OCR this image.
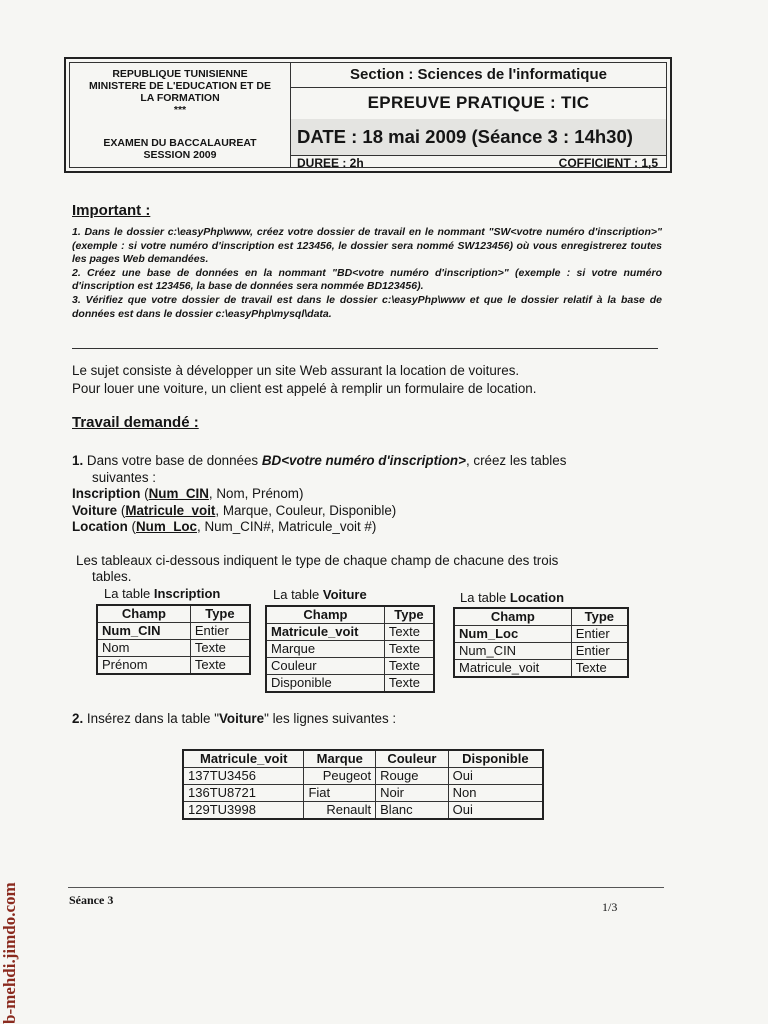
REPUBLIQUE TUNISIENNE
MINISTERE DE L'EDUCATION ET DE
LA FORMATION
***
EXAMEN DU BACCALAUREAT
SESSION 2009
Section : Sciences de l'informatique
EPREUVE PRATIQUE : TIC
DATE : 18 mai 2009 (Séance 3 : 14h30)
DUREE : 2h	COFFICIENT : 1,5
Important :

1. Dans le dossier c:\easyPhp\www, créez votre dossier de travail en le nommant "SW<votre numéro d'inscription>" (exemple : si votre numéro d'inscription est 123456, le dossier sera nommé SW123456) où vous enregistrerez toutes les pages Web demandées.

2. Créez une base de données en la nommant "BD<votre numéro d'inscription>" (exemple : si votre numéro d'inscription est 123456, la base de données sera nommée BD123456).

3. Vérifiez que votre dossier de travail est dans le dossier c:\easyPhp\www et que le dossier relatif à la base de données est dans le dossier c:\easyPhp\mysql\data.

Le sujet consiste à développer un site Web assurant la location de voitures.

Pour louer une voiture, un client est appelé à remplir un formulaire de location.

Travail demandé :
1. Dans votre base de données BD<votre numéro d'inscription>, créez les tables
suivantes :
Inscription (Num_CIN, Nom, Prénom)
Voiture (Matricule_voit, Marque, Couleur, Disponible)
Location (Num_Loc, Num_CIN#, Matricule_voit #)
Les tableaux ci-dessous indiquent le type de chaque champ de chacune des trois
tables.
La table Inscription
Champ	Type
Num_CIN	Entier
Nom	Texte
Prénom	Texte
La table Voiture
Champ	Type
Matricule_voit	Texte
Marque	Texte
Couleur	Texte
Disponible	Texte
La table Location
Champ	Type
Num_Loc	Entier
Num_CIN	Entier
Matricule_voit	Texte
2. Insérez dans la table "Voiture" les lignes suivantes :
Matricule_voit	Marque	Couleur	Disponible
137TU3456	Peugeot	Rouge	Oui
136TU8721	Fiat	Noir	Non
129TU3998	Renault	Blanc	Oui
Séance 3	1/3
b-mehdi.jimdo.com
